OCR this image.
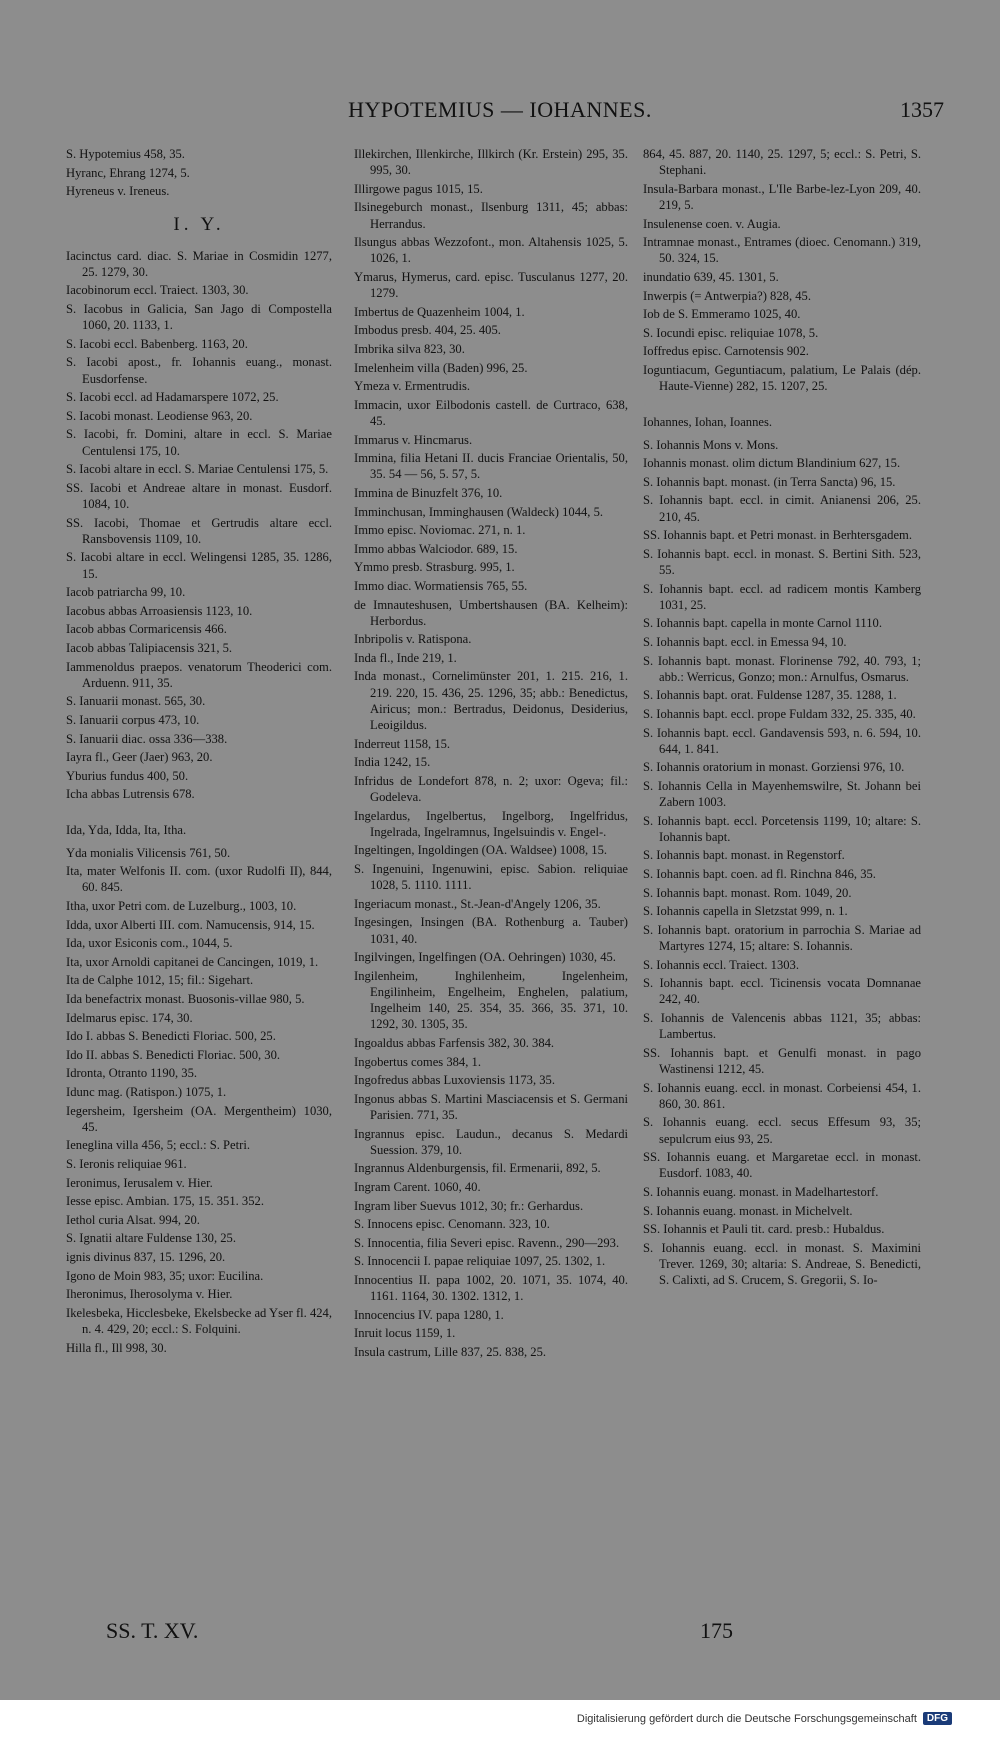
HYPOTEMIUS — IOHANNES.	1357
S. Hypotemius 458, 35.
Hyranc, Ehrang 1274, 5.
Hyreneus v. Ireneus.
I. Y.
Iacinctus card. diac. S. Mariae in Cosmidin 1277, 25. 1279, 30.
Iacobinorum eccl. Traiect. 1303, 30.
S. Iacobus in Galicia, San Jago di Compostella 1060, 20. 1133, 1.
S. Iacobi eccl. Babenberg. 1163, 20.
S. Iacobi apost., fr. Iohannis euang., monast. Eusdorfense.
S. Iacobi eccl. ad Hadamarspere 1072, 25.
S. Iacobi monast. Leodiense 963, 20.
S. Iacobi, fr. Domini, altare in eccl. S. Mariae Centulensi 175, 10.
S. Iacobi altare in eccl. S. Mariae Centulensi 175, 5.
SS. Iacobi et Andreae altare in monast. Eusdorf. 1084, 10.
SS. Iacobi, Thomae et Gertrudis altare eccl. Ransbovensis 1109, 10.
S. Iacobi altare in eccl. Welingensi 1285, 35. 1286, 15.
Iacob patriarcha 99, 10.
Iacobus abbas Arroasiensis 1123, 10.
Iacob abbas Cormaricensis 466.
Iacob abbas Talipiacensis 321, 5.
Iammenoldus praepos. venatorum Theoderici com. Arduenn. 911, 35.
S. Ianuarii monast. 565, 30.
S. Ianuarii corpus 473, 10.
S. Ianuarii diac. ossa 336—338.
Iayra fl., Geer (Jaer) 963, 20.
Yburius fundus 400, 50.
Icha abbas Lutrensis 678.
Ida, Yda, Idda, Ita, Itha.
Yda monialis Vilicensis 761, 50.
Ita, mater Welfonis II. com. (uxor Rudolfi II), 844, 60. 845.
Itha, uxor Petri com. de Luzelburg., 1003, 10.
Idda, uxor Alberti III. com. Namucensis, 914, 15.
Ida, uxor Esiconis com., 1044, 5.
Ita, uxor Arnoldi capitanei de Cancingen, 1019, 1.
Ita de Calphe 1012, 15; fil.: Sigehart.
Ida benefactrix monast. Buosonis-villae 980, 5.
Idelmarus episc. 174, 30.
Ido I. abbas S. Benedicti Floriac. 500, 25.
Ido II. abbas S. Benedicti Floriac. 500, 30.
Idronta, Otranto 1190, 35.
Idunc mag. (Ratispon.) 1075, 1.
Iegersheim, Igersheim (OA. Mergentheim) 1030, 45.
Ieneglina villa 456, 5; eccl.: S. Petri.
S. Ieronis reliquiae 961.
Ieronimus, Ierusalem v. Hier.
Iesse episc. Ambian. 175, 15. 351. 352.
Iethol curia Alsat. 994, 20.
S. Ignatii altare Fuldense 130, 25.
ignis divinus 837, 15. 1296, 20.
Igono de Moin 983, 35; uxor: Eucilina.
Iheronimus, Iherosolyma v. Hier.
Ikelesbeka, Hicclesbeke, Ekelsbecke ad Yser fl. 424, n. 4. 429, 20; eccl.: S. Folquini.
Hilla fl., Ill 998, 30.
Illekirchen, Illenkirche, Illkirch (Kr. Erstein) 295, 35. 995, 30.
Illirgowe pagus 1015, 15.
Ilsinegeburch monast., Ilsenburg 1311, 45; abbas: Herrandus.
Ilsungus abbas Wezzofont., mon. Altahensis 1025, 5. 1026, 1.
Ymarus, Hymerus, card. episc. Tusculanus 1277, 20. 1279.
Imbertus de Quazenheim 1004, 1.
Imbodus presb. 404, 25. 405.
Imbrika silva 823, 30.
Imelenheim villa (Baden) 996, 25.
Ymeza v. Ermentrudis.
Immacin, uxor Eilbodonis castell. de Curtraco, 638, 45.
Immarus v. Hincmarus.
Immina, filia Hetani II. ducis Franciae Orientalis, 50, 35. 54 — 56, 5. 57, 5.
Immina de Binuzfelt 376, 10.
Imminchusan, Imminghausen (Waldeck) 1044, 5.
Immo episc. Noviomac. 271, n. 1.
Immo abbas Walciodor. 689, 15.
Ymmo presb. Strasburg. 995, 1.
Immo diac. Wormatiensis 765, 55.
de Imnauteshusen, Umbertshausen (BA. Kelheim): Herbordus.
Inbripolis v. Ratispona.
Inda fl., Inde 219, 1.
Inda monast., Cornelimünster 201, 1. 215. 216, 1. 219. 220, 15. 436, 25. 1296, 35; abb.: Benedictus, Airicus; mon.: Bertradus, Deidonus, Desiderius, Leoigildus.
Inderreut 1158, 15.
India 1242, 15.
Infridus de Londefort 878, n. 2; uxor: Ogeva; fil.: Godeleva.
Ingelardus, Ingelbertus, Ingelborg, Ingelfridus, Ingelrada, Ingelramnus, Ingelsuindis v. Engel-.
Ingeltingen, Ingoldingen (OA. Waldsee) 1008, 15.
S. Ingenuini, Ingenuwini, episc. Sabion. reliquiae 1028, 5. 1110. 1111.
Ingeriacum monast., St.-Jean-d'Angely 1206, 35.
Ingesingen, Insingen (BA. Rothenburg a. Tauber) 1031, 40.
Ingilvingen, Ingelfingen (OA. Oehringen) 1030, 45.
Ingilenheim, Inghilenheim, Ingelenheim, Engilinheim, Engelheim, Enghelen, palatium, Ingelheim 140, 25. 354, 35. 366, 35. 371, 10. 1292, 30. 1305, 35.
Ingoaldus abbas Farfensis 382, 30. 384.
Ingobertus comes 384, 1.
Ingofredus abbas Luxoviensis 1173, 35.
Ingonus abbas S. Martini Masciacensis et S. Germani Parisien. 771, 35.
Ingrannus episc. Laudun., decanus S. Medardi Suession. 379, 10.
Ingrannus Aldenburgensis, fil. Ermenarii, 892, 5.
Ingram Carent. 1060, 40.
Ingram liber Suevus 1012, 30; fr.: Gerhardus.
S. Innocens episc. Cenomann. 323, 10.
S. Innocentia, filia Severi episc. Ravenn., 290—293.
S. Innocencii I. papae reliquiae 1097, 25. 1302, 1.
Innocentius II. papa 1002, 20. 1071, 35. 1074, 40. 1161. 1164, 30. 1302. 1312, 1.
Innocencius IV. papa 1280, 1.
Inruit locus 1159, 1.
Insula castrum, Lille 837, 25. 838, 25.
864, 45. 887, 20. 1140, 25. 1297, 5; eccl.: S. Petri, S. Stephani.
Insula-Barbara monast., L'Ile Barbe-lez-Lyon 209, 40. 219, 5.
Insulenense coen. v. Augia.
Intramnae monast., Entrames (dioec. Cenomann.) 319, 50. 324, 15.
inundatio 639, 45. 1301, 5.
Inwerpis (= Antwerpia?) 828, 45.
Iob de S. Emmeramo 1025, 40.
S. Iocundi episc. reliquiae 1078, 5.
Ioffredus episc. Carnotensis 902.
Ioguntiacum, Geguntiacum, palatium, Le Palais (dép. Haute-Vienne) 282, 15. 1207, 25.
Iohannes, Iohan, Ioannes.
S. Iohannis Mons v. Mons.
Iohannis monast. olim dictum Blandinium 627, 15.
S. Iohannis bapt. monast. (in Terra Sancta) 96, 15.
S. Iohannis bapt. eccl. in cimit. Anianensi 206, 25. 210, 45.
SS. Iohannis bapt. et Petri monast. in Berhtersgadem.
S. Iohannis bapt. eccl. in monast. S. Bertini Sith. 523, 55.
S. Iohannis bapt. eccl. ad radicem montis Kamberg 1031, 25.
S. Iohannis bapt. capella in monte Carnol 1110.
S. Iohannis bapt. eccl. in Emessa 94, 10.
S. Iohannis bapt. monast. Florinense 792, 40. 793, 1; abb.: Werricus, Gonzo; mon.: Arnulfus, Osmarus.
S. Iohannis bapt. orat. Fuldense 1287, 35. 1288, 1.
S. Iohannis bapt. eccl. prope Fuldam 332, 25. 335, 40.
S. Iohannis bapt. eccl. Gandavensis 593, n. 6. 594, 10. 644, 1. 841.
S. Iohannis oratorium in monast. Gorziensi 976, 10.
S. Iohannis Cella in Mayenhemswilre, St. Johann bei Zabern 1003.
S. Iohannis bapt. eccl. Porcetensis 1199, 10; altare: S. Iohannis bapt.
S. Iohannis bapt. monast. in Regenstorf.
S. Iohannis bapt. coen. ad fl. Rinchna 846, 35.
S. Iohannis bapt. monast. Rom. 1049, 20.
S. Iohannis capella in Sletzstat 999, n. 1.
S. Iohannis bapt. oratorium in parrochia S. Mariae ad Martyres 1274, 15; altare: S. Iohannis.
S. Iohannis eccl. Traiect. 1303.
S. Iohannis bapt. eccl. Ticinensis vocata Domnanae 242, 40.
S. Iohannis de Valencenis abbas 1121, 35; abbas: Lambertus.
SS. Iohannis bapt. et Genulfi monast. in pago Wastinensi 1212, 45.
S. Iohannis euang. eccl. in monast. Corbeiensi 454, 1. 860, 30. 861.
S. Iohannis euang. eccl. secus Effesum 93, 35; sepulcrum eius 93, 25.
SS. Iohannis euang. et Margaretae eccl. in monast. Eusdorf. 1083, 40.
S. Iohannis euang. monast. in Madelhartestorf.
S. Iohannis euang. monast. in Michelvelt.
SS. Iohannis et Pauli tit. card. presb.: Hubaldus.
S. Iohannis euang. eccl. in monast. S. Maximini Trever. 1269, 30; altaria: S. Andreae, S. Benedicti, S. Calixti, ad S. Crucem, S. Gregorii, S. Io-
SS. T. XV.	175
Digitalisierung gefördert durch die Deutsche Forschungsgemeinschaft	DFG
